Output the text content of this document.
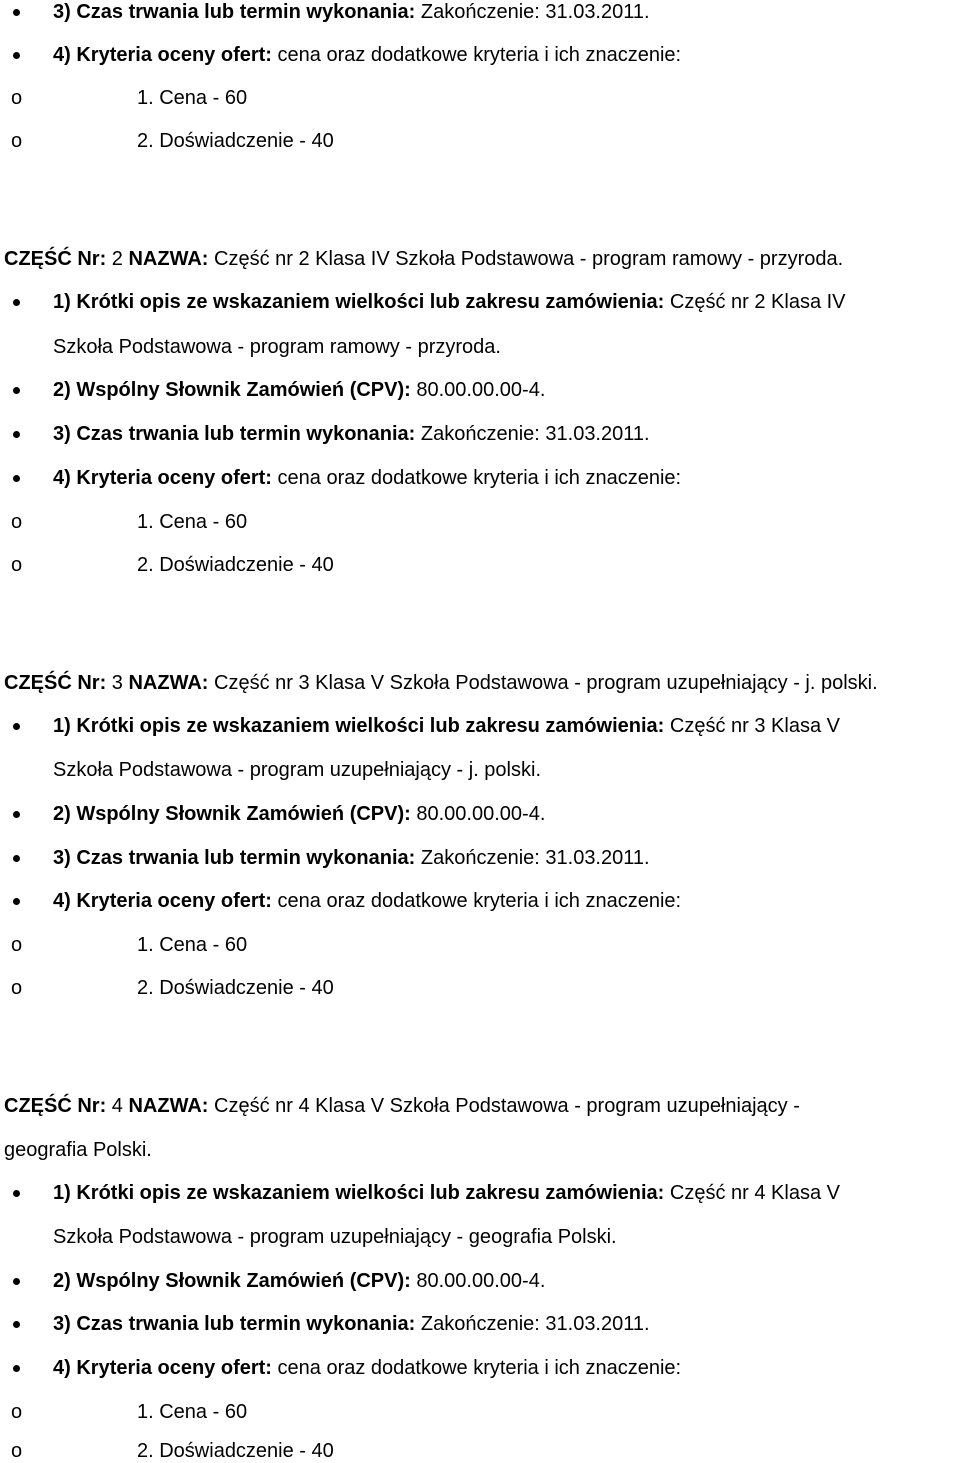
3) Czas trwania lub termin wykonania: Zakończenie: 31.03.2011.
4) Kryteria oceny ofert: cena oraz dodatkowe kryteria i ich znaczenie:
o	1. Cena - 60
o	2. Doświadczenie - 40
CZĘŚĆ Nr: 2 NAZWA: Część nr 2 Klasa IV Szkoła Podstawowa - program ramowy - przyroda.
1) Krótki opis ze wskazaniem wielkości lub zakresu zamówienia: Część nr 2 Klasa IV
Szkoła Podstawowa - program ramowy - przyroda.
2) Wspólny Słownik Zamówień (CPV): 80.00.00.00-4.
3) Czas trwania lub termin wykonania: Zakończenie: 31.03.2011.
4) Kryteria oceny ofert: cena oraz dodatkowe kryteria i ich znaczenie:
o	1. Cena - 60
o	2. Doświadczenie - 40
CZĘŚĆ Nr: 3 NAZWA: Część nr 3 Klasa V Szkoła Podstawowa - program uzupełniający - j. polski.
1) Krótki opis ze wskazaniem wielkości lub zakresu zamówienia: Część nr 3 Klasa V
Szkoła Podstawowa - program uzupełniający - j. polski.
2) Wspólny Słownik Zamówień (CPV): 80.00.00.00-4.
3) Czas trwania lub termin wykonania: Zakończenie: 31.03.2011.
4) Kryteria oceny ofert: cena oraz dodatkowe kryteria i ich znaczenie:
o	1. Cena - 60
o	2. Doświadczenie - 40
CZĘŚĆ Nr: 4 NAZWA: Część nr 4 Klasa V Szkoła Podstawowa - program uzupełniający -
geografia Polski.
1) Krótki opis ze wskazaniem wielkości lub zakresu zamówienia: Część nr 4 Klasa V
Szkoła Podstawowa - program uzupełniający - geografia Polski.
2) Wspólny Słownik Zamówień (CPV): 80.00.00.00-4.
3) Czas trwania lub termin wykonania: Zakończenie: 31.03.2011.
4) Kryteria oceny ofert: cena oraz dodatkowe kryteria i ich znaczenie:
o	1. Cena - 60
o	2. Doświadczenie - 40
